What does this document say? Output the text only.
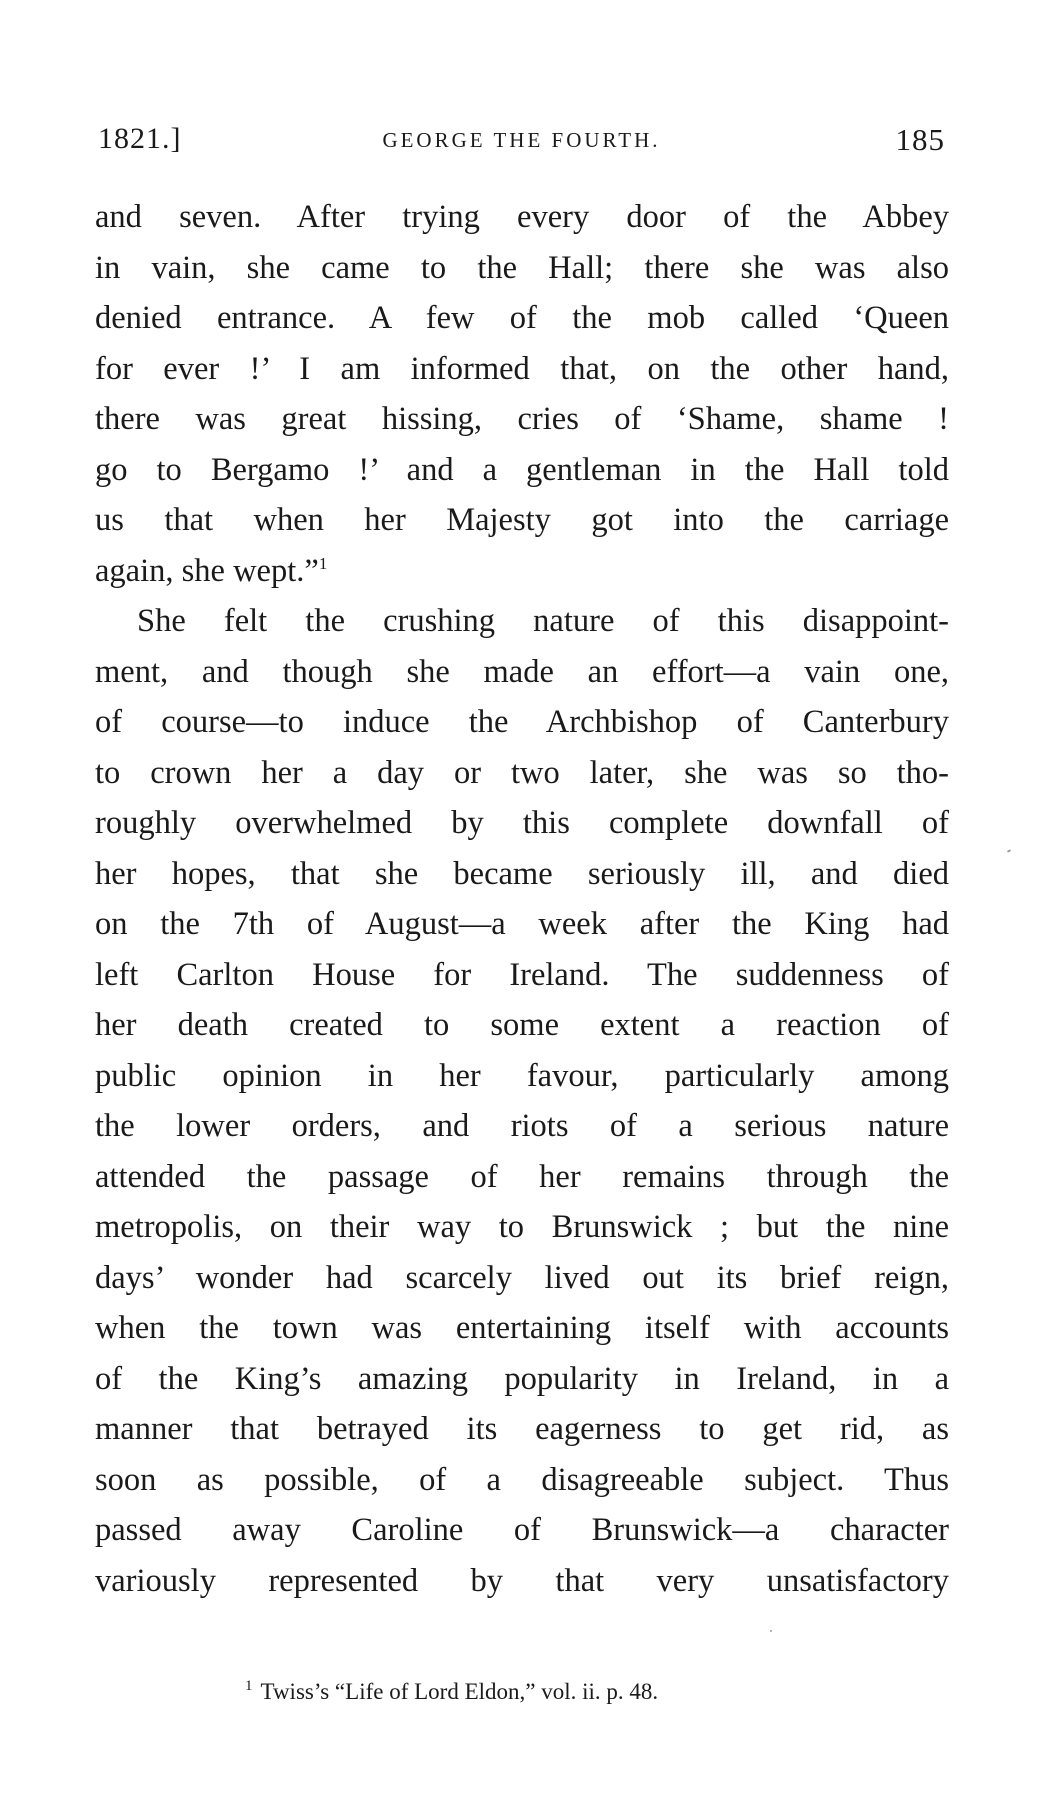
1821.]	GEORGE THE FOURTH.	185
and seven. After trying every door of the Abbey
in vain, she came to the Hall; there she was also
denied entrance. A few of the mob called ‘Queen
for ever !’ I am informed that, on the other hand,
there was great hissing, cries of ‘Shame, shame !
go to Bergamo !’ and a gentleman in the Hall told
us that when her Majesty got into the carriage
again, she wept.”$^1$
She felt the crushing nature of this disappoint-
ment, and though she made an effort—a vain one,
of course—to induce the Archbishop of Canterbury
to crown her a day or two later, she was so tho-
roughly overwhelmed by this complete downfall of
her hopes, that she became seriously ill, and died
on the 7th of August—a week after the King had
left Carlton House for Ireland. The suddenness of
her death created to some extent a reaction of
public opinion in her favour, particularly among
the lower orders, and riots of a serious nature
attended the passage of her remains through the
metropolis, on their way to Brunswick ; but the nine
days’ wonder had scarcely lived out its brief reign,
when the town was entertaining itself with accounts
of the King’s amazing popularity in Ireland, in a
manner that betrayed its eagerness to get rid, as
soon as possible, of a disagreeable subject. Thus
passed away Caroline of Brunswick—a character
variously represented by that very unsatisfactory
$^1$ Twiss’s “Life of Lord Eldon,” vol. ii. p. 48.
